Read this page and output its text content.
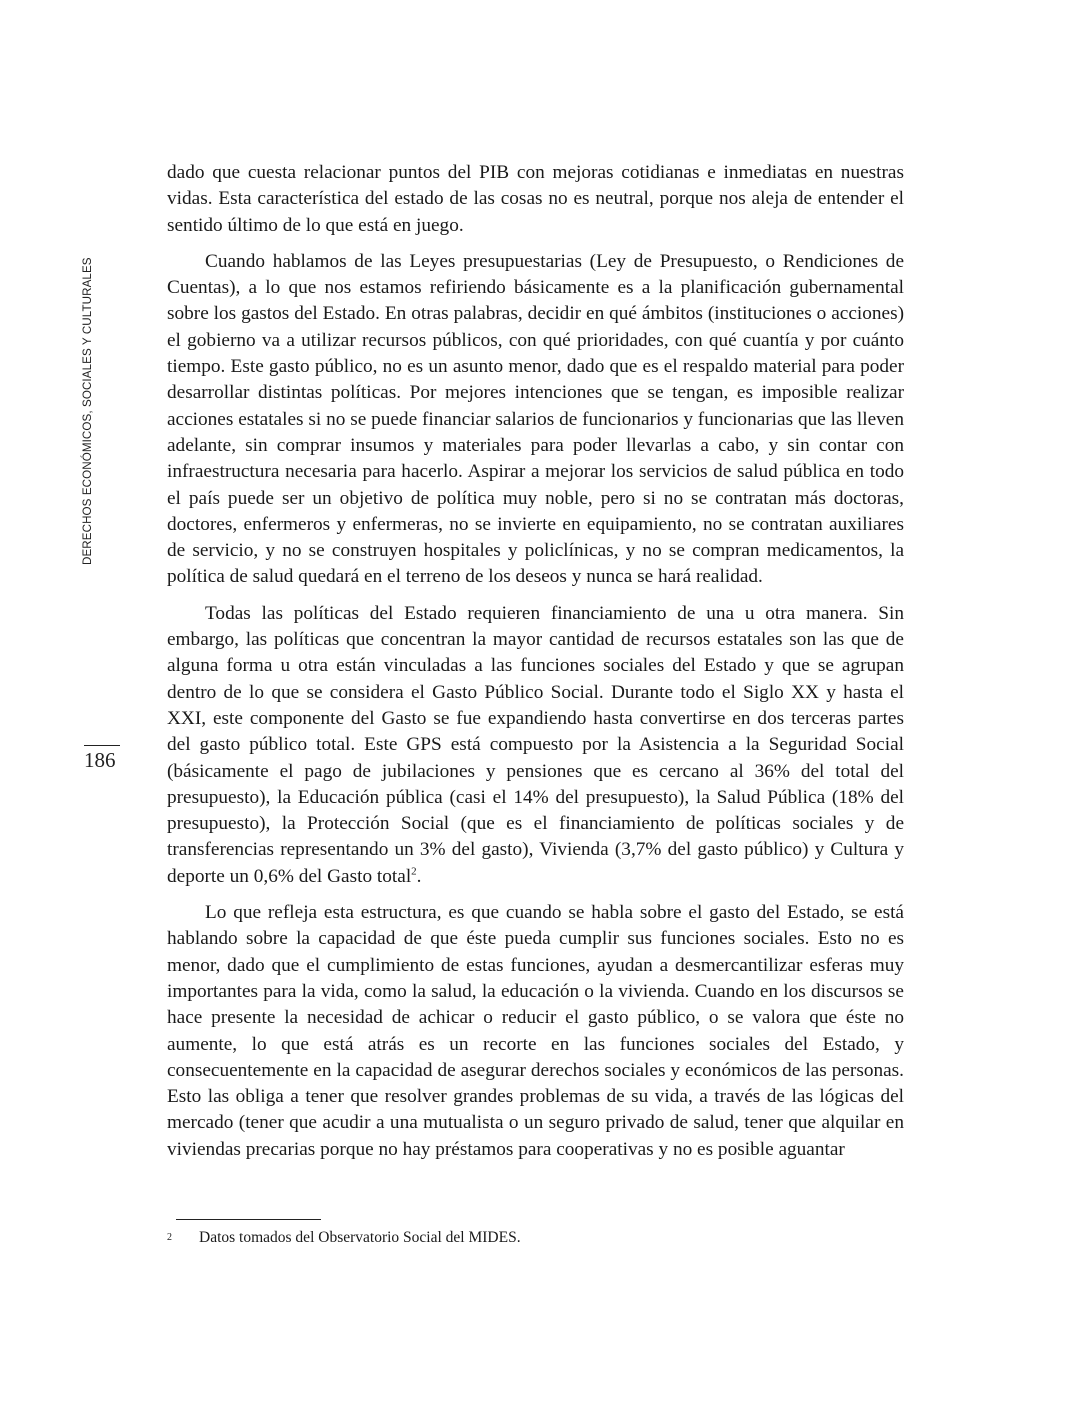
DERECHOS ECONÓMICOS, SOCIALES Y CULTURALES
186

dado que cuesta relacionar puntos del PIB con mejoras cotidianas e inmediatas en nuestras vidas. Esta característica del estado de las cosas no es neutral, porque nos aleja de entender el sentido último de lo que está en juego.

Cuando hablamos de las Leyes presupuestarias (Ley de Presupuesto, o Rendiciones de Cuentas), a lo que nos estamos refiriendo básicamente es a la planificación gubernamental sobre los gastos del Estado. En otras palabras, decidir en qué ámbitos (instituciones o acciones) el gobierno va a utilizar recursos públicos, con qué prioridades, con qué cuantía y por cuánto tiempo. Este gasto público, no es un asunto menor, dado que es el respaldo material para poder desarrollar distintas políticas. Por mejores intenciones que se tengan, es imposible realizar acciones estatales si no se puede financiar salarios de funcionarios y funcionarias que las lleven adelante, sin comprar insumos y materiales para poder llevarlas a cabo, y sin contar con infraestructura necesaria para hacerlo. Aspirar a mejorar los servicios de salud pública en todo el país puede ser un objetivo de política muy noble, pero si no se contratan más doctoras, doctores, enfermeros y enfermeras, no se invierte en equipamiento, no se contratan auxiliares de servicio, y no se construyen hospitales y policlínicas, y no se compran medicamentos, la política de salud quedará en el terreno de los deseos y nunca se hará realidad.

Todas las políticas del Estado requieren financiamiento de una u otra manera. Sin embargo, las políticas que concentran la mayor cantidad de recursos estatales son las que de alguna forma u otra están vinculadas a las funciones sociales del Estado y que se agrupan dentro de lo que se considera el Gasto Público Social. Durante todo el Siglo XX y hasta el XXI, este componente del Gasto se fue expandiendo hasta convertirse en dos terceras partes del gasto público total. Este GPS está compuesto por la Asistencia a la Seguridad Social (básicamente el pago de jubilaciones y pensiones que es cercano al 36% del total del presupuesto), la Educación pública (casi el 14% del presupuesto), la Salud Pública (18% del presupuesto), la Protección Social (que es el financiamiento de políticas sociales y de transferencias representando un 3% del gasto), Vivienda (3,7% del gasto público) y Cultura y deporte un 0,6% del Gasto total$^2$.

Lo que refleja esta estructura, es que cuando se habla sobre el gasto del Estado, se está hablando sobre la capacidad de que éste pueda cumplir sus funciones sociales. Esto no es menor, dado que el cumplimiento de estas funciones, ayudan a desmercantilizar esferas muy importantes para la vida, como la salud, la educación o la vivienda. Cuando en los discursos se hace presente la necesidad de achicar o reducir el gasto público, o se valora que éste no aumente, lo que está atrás es un recorte en las funciones sociales del Estado, y consecuentemente en la capacidad de asegurar derechos sociales y económicos de las personas. Esto las obliga a tener que resolver grandes problemas de su vida, a través de las lógicas del mercado (tener que acudir a una mutualista o un seguro privado de salud, tener que alquilar en viviendas precarias porque no hay préstamos para cooperativas y no es posible aguantar

2 Datos tomados del Observatorio Social del MIDES.
